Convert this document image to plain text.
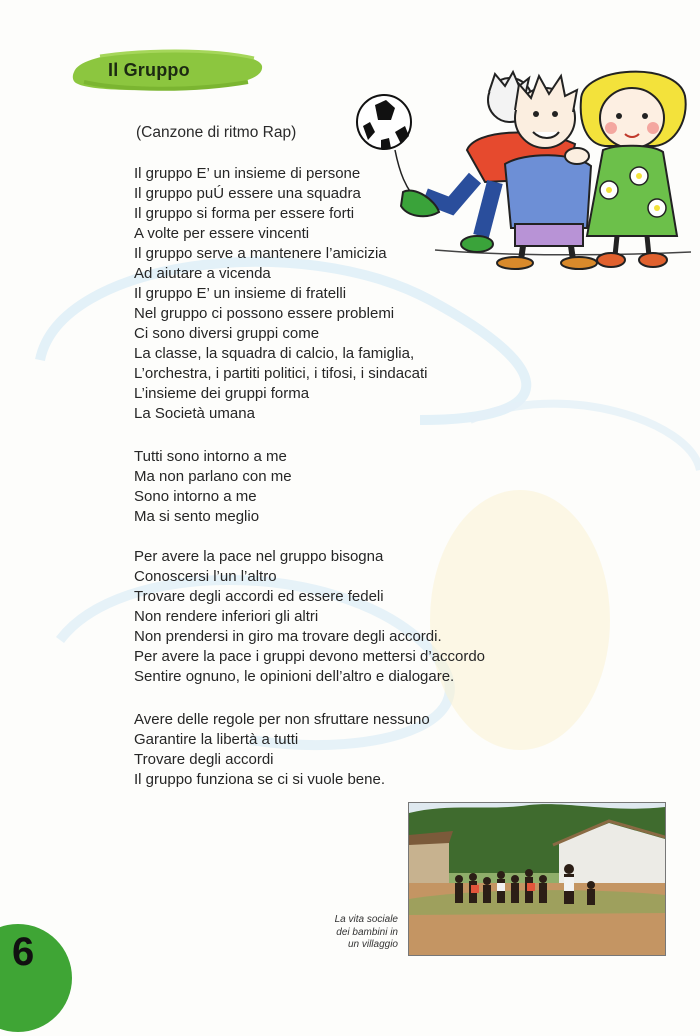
Il Gruppo
(Canzone di ritmo Rap)
Il gruppo E’ un insieme di persone
Il gruppo puÚ essere una squadra
Il gruppo si forma per essere forti
A volte per essere vincenti
Il gruppo serve a mantenere l’amicizia
Ad aiutare a vicenda
Il gruppo E’ un insieme di fratelli
Nel gruppo ci possono essere problemi
Ci sono diversi gruppi come
La classe, la squadra di calcio, la famiglia,
L’orchestra, i partiti politici, i tifosi, i sindacati
L’insieme dei gruppi forma
La Società umana
Tutti sono intorno a me
Ma non parlano con me
Sono intorno a me
Ma si sento meglio
Per avere la pace nel gruppo bisogna
Conoscersi l’un l’altro
Trovare degli accordi ed essere fedeli
Non rendere inferiori gli altri
Non prendersi in giro ma trovare degli accordi.
Per avere la pace i gruppi devono mettersi d’accordo
Sentire ognuno, le opinioni dell’altro e dialogare.
Avere delle regole per non sfruttare nessuno
Garantire la libertà a tutti
Trovare degli accordi
Il gruppo funziona se ci si vuole bene.
La vita sociale
dei bambini in
un villaggio
6
